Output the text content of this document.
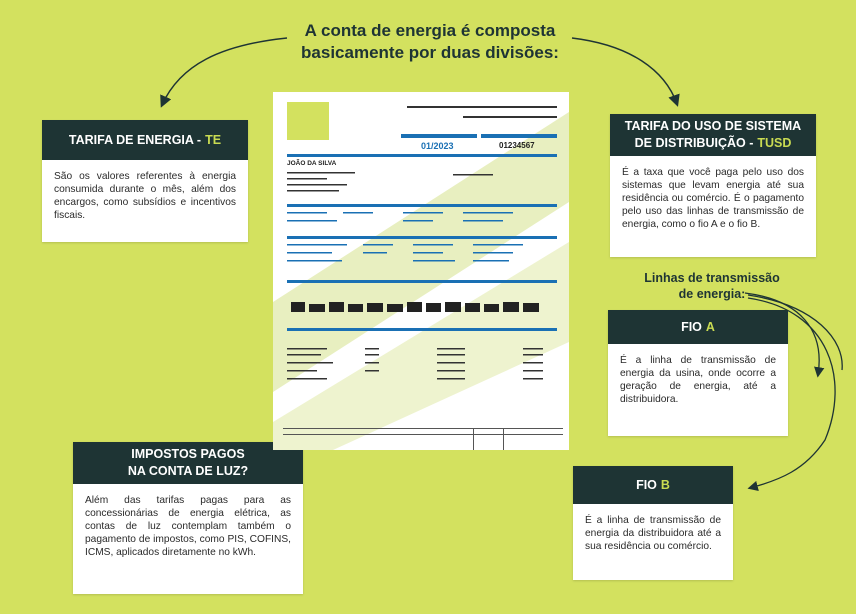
A conta de energia é composta
basicamente por duas divisões:
TARIFA DE ENERGIA - TE
São os valores referentes à energia consumida durante o mês, além dos encargos, como subsídios e incentivos fiscais.
TARIFA DO USO DE SISTEMA
DE DISTRIBUIÇÃO - TUSD
É a taxa que você paga pelo uso dos sistemas que levam energia até sua residência ou comércio. É o pagamento pelo uso das linhas de transmissão de energia, como o fio A e o fio B.
Linhas de transmissão
de energia:
FIO A
É a linha de transmissão de energia da usina, onde ocorre a geração de energia, até a distribuidora.
FIO B
É a linha de transmissão de energia da distribuidora até a sua residência ou comércio.
IMPOSTOS PAGOS
NA CONTA DE LUZ?
Além das tarifas pagas para as concessionárias de energia elétrica, as contas de luz contemplam também o pagamento de impostos, como PIS, COFINS, ICMS, aplicados diretamente no kWh.
01/2023	01234567
JOÃO DA SILVA
